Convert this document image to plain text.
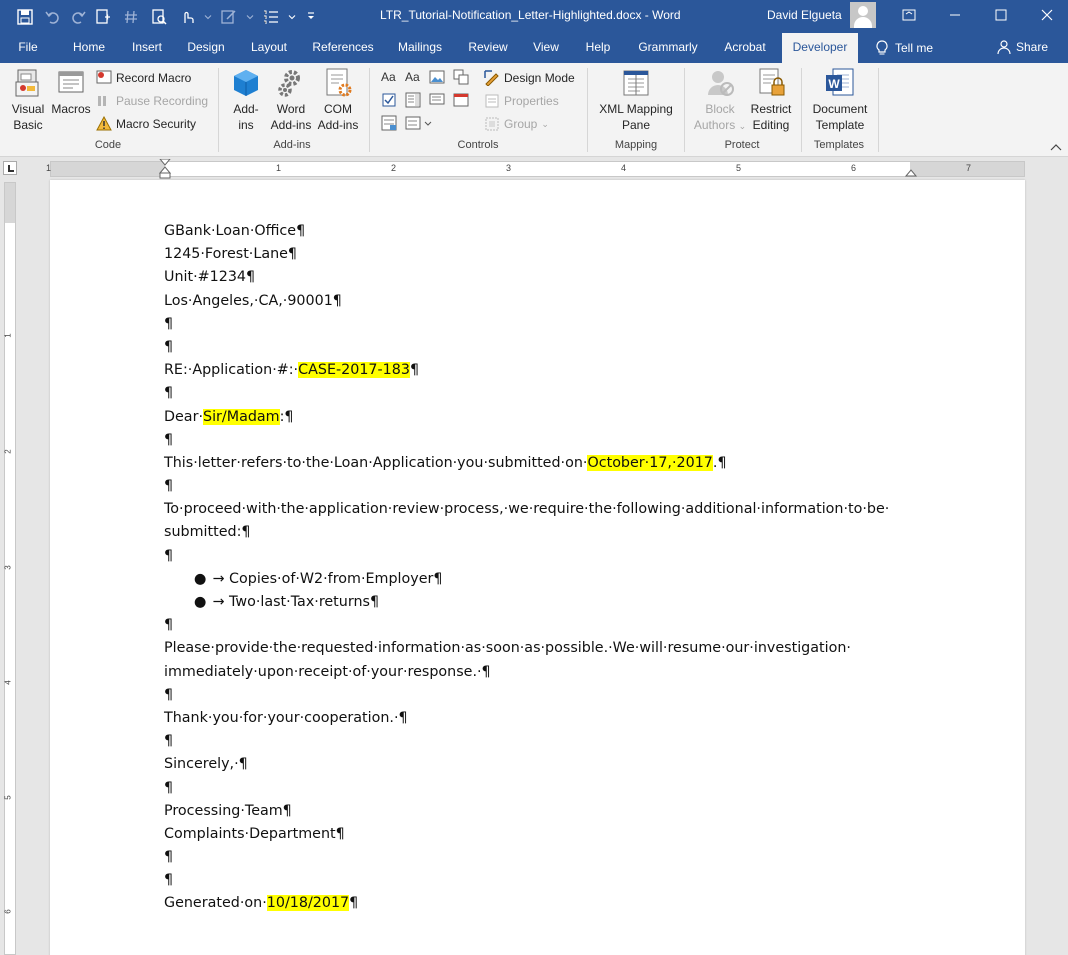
LTR_Tutorial-Notification_Letter-Highlighted.docx - Word	David Elgueta
File	Home	Insert	Design	Layout	References	Mailings	Review	View	Help	Grammarly	Acrobat	Developer	Tell me	Share
Visual
Basic
Macros
Record Macro
Pause Recording
Macro Security
Code
Add-
ins
Word
Add-ins
COM
Add-ins
Add-ins
Aa Aa	Design Mode
Properties
Group ⌄
Controls
XML Mapping
Pane
Mapping
Block
Authors ⌄
Restrict
Editing
Protect
W
Document
Template
Templates
1	1	2	3	4	5	6	7
1
2
3
4
5
6
GBank·Loan·Office¶
1245·Forest·Lane¶
Unit·#1234¶
Los·Angeles,·CA,·90001¶
¶
¶
RE:·Application·#:·CASE-2017-183¶
¶
Dear·Sir/Madam:¶
¶
This·letter·refers·to·the·Loan·Application·you·submitted·on·October·17,·2017.¶
¶
To·proceed·with·the·application·review·process,·we·require·the·following·additional·information·to·be·
submitted:¶
¶
● → Copies·of·W2·from·Employer¶
● → Two·last·Tax·returns¶
¶
Please·provide·the·requested·information·as·soon·as·possible.·We·will·resume·our·investigation·
immediately·upon·receipt·of·your·response.·¶
¶
Thank·you·for·your·cooperation.·¶
¶
Sincerely,·¶
¶
Processing·Team¶
Complaints·Department¶
¶
¶
Generated·on·10/18/2017¶
